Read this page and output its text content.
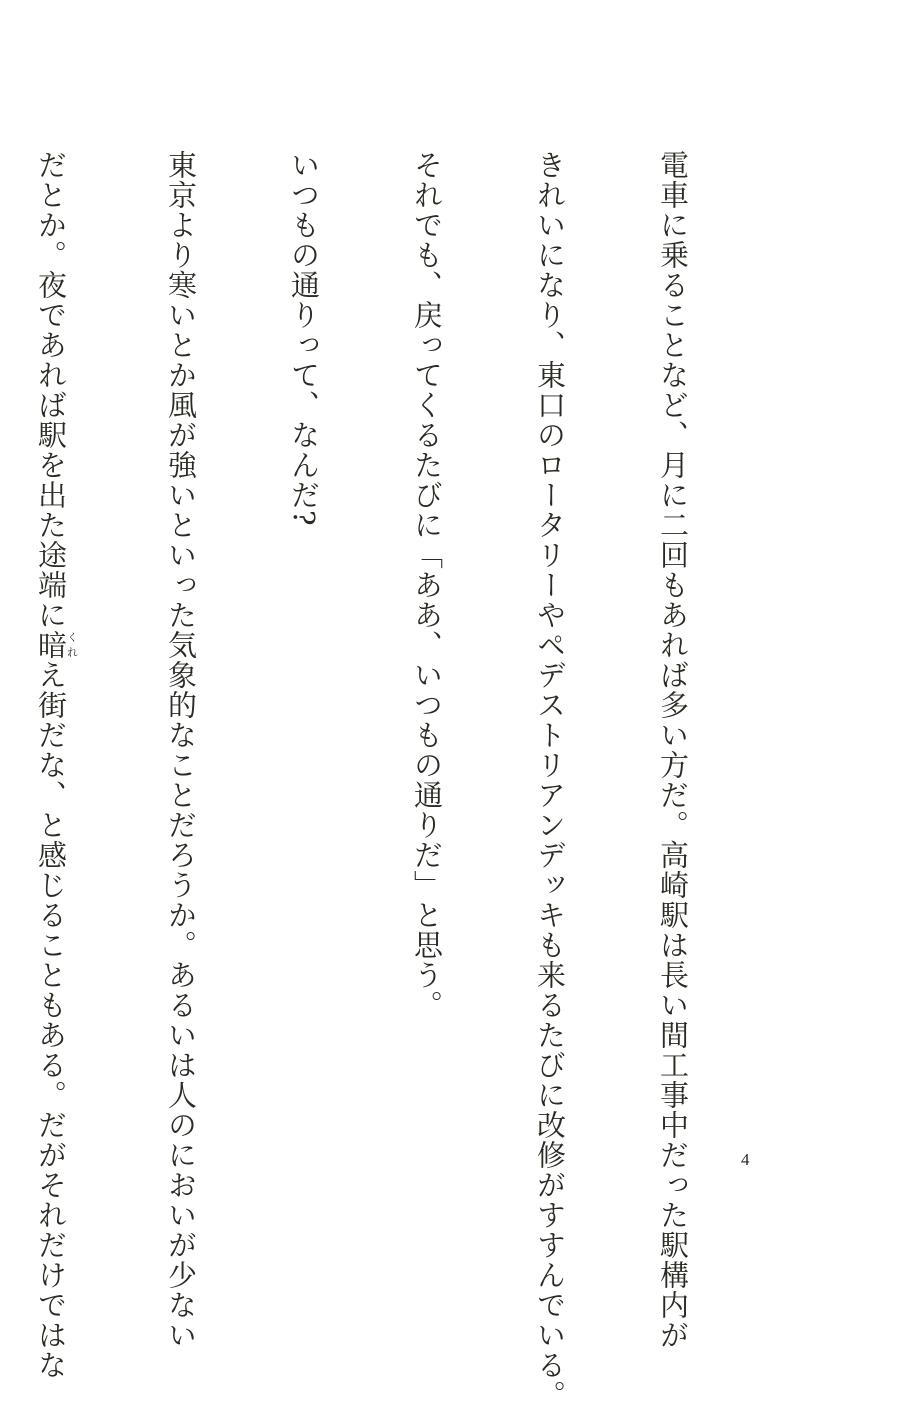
電車に乗ることなど、月に二回もあれば多い方だ。高崎駅は長い間工事中だった駅構内が

きれいになり、東口のロータリーやペデストリアンデッキも来るたびに改修がすすんでいる。

それでも、戻ってくるたびに「ああ、いつもの通りだ」と思う。

いつもの通りって、なんだ?

東京より寒いとか風が強いといった気象的なことだろうか。あるいは人のにおいが少ない

だとか。夜であれば駅を出た途端に暗くれえ街だな、と感じることもある。だがそれだけではな

	4
